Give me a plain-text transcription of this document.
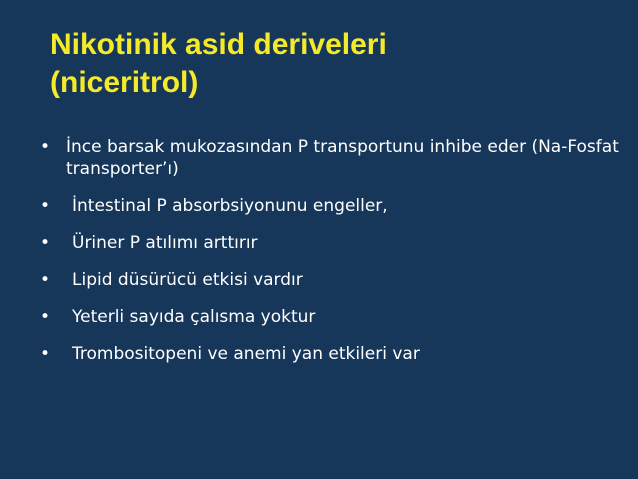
Nikotinik asid deriveleri
(niceritrol)
• İnce barsak mukozasından P transportunu inhibe eder (Na-Fosfat transporter’ı)
•	İntestinal P absorbsiyonunu engeller,
•	Üriner P atılımı arttırır
•	Lipid düsürücü etkisi vardır
•	Yeterli sayıda çalısma yoktur
•	Trombositopeni ve anemi yan etkileri var
